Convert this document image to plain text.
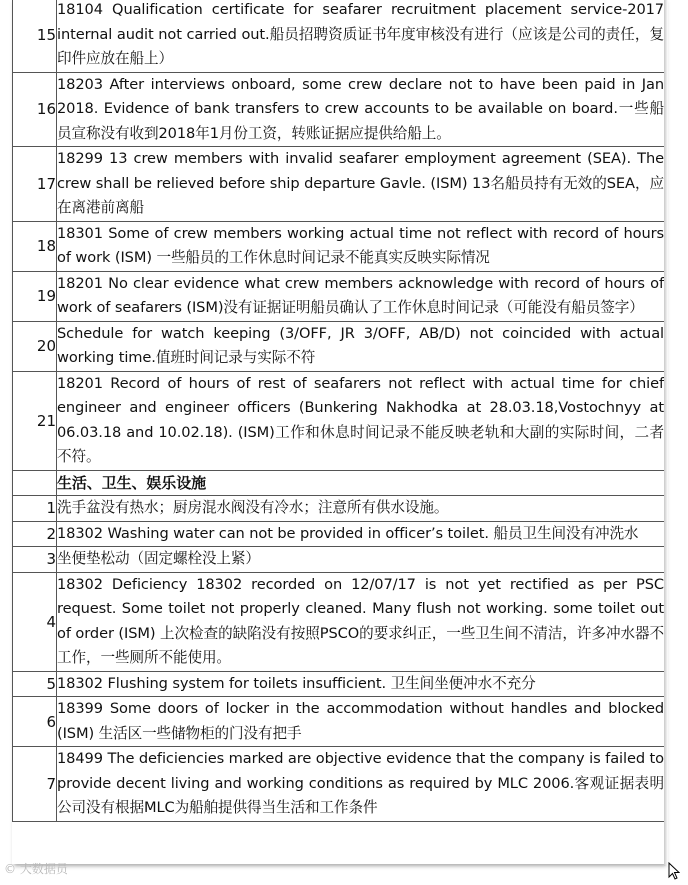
15	18104 Qualification certificate for seafarer recruitment placement service-2017 internal audit not carried out.船员招聘资质证书年度审核没有进行（应该是公司的责任，复印件应放在船上）
16	18203 After interviews onboard, some crew declare not to have been paid in Jan 2018. Evidence of bank transfers to crew accounts to be available on board.一些船员宣称没有收到2018年1月份工资，转账证据应提供给船上。
17	18299 13 crew members with invalid seafarer employment agreement (SEA). The crew shall be relieved before ship departure Gavle. (ISM) 13名船员持有无效的SEA，应在离港前离船
18	18301 Some of crew members working actual time not reflect with record of hours of work (ISM) 一些船员的工作休息时间记录不能真实反映实际情况
19	18201 No clear evidence what crew members acknowledge with record of hours of work of seafarers (ISM)没有证据证明船员确认了工作休息时间记录（可能没有船员签字）
20	Schedule for watch keeping (3/OFF, JR 3/OFF, AB/D) not coincided with actual working time.值班时间记录与实际不符
21	18201 Record of hours of rest of seafarers not reflect with actual time for chief engineer and engineer officers (Bunkering Nakhodka at 28.03.18,Vostochnyy at 06.03.18 and 10.02.18). (ISM)工作和休息时间记录不能反映老轨和大副的实际时间，二者不符。
	生活、卫生、娱乐设施
1	洗手盆没有热水；厨房混水阀没有冷水；注意所有供水设施。
2	18302 Washing water can not be provided in officer’s toilet. 船员卫生间没有冲洗水
3	坐便垫松动（固定螺栓没上紧）
4	18302 Deficiency 18302 recorded on 12/07/17 is not yet rectified as per PSC request. Some toilet not properly cleaned. Many flush not working. some toilet out of order (ISM) 上次检查的缺陷没有按照PSCO的要求纠正，一些卫生间不清洁，许多冲水器不工作，一些厕所不能使用。
5	18302 Flushing system for toilets insufficient. 卫生间坐便冲水不充分
6	18399 Some doors of locker in the accommodation without handles and blocked (ISM) 生活区一些储物柜的门没有把手
7	18499 The deficiencies marked are objective evidence that the company is failed to provide decent living and working conditions as required by MLC 2006.客观证据表明公司没有根据MLC为船舶提供得当生活和工作条件
© 大数据员
